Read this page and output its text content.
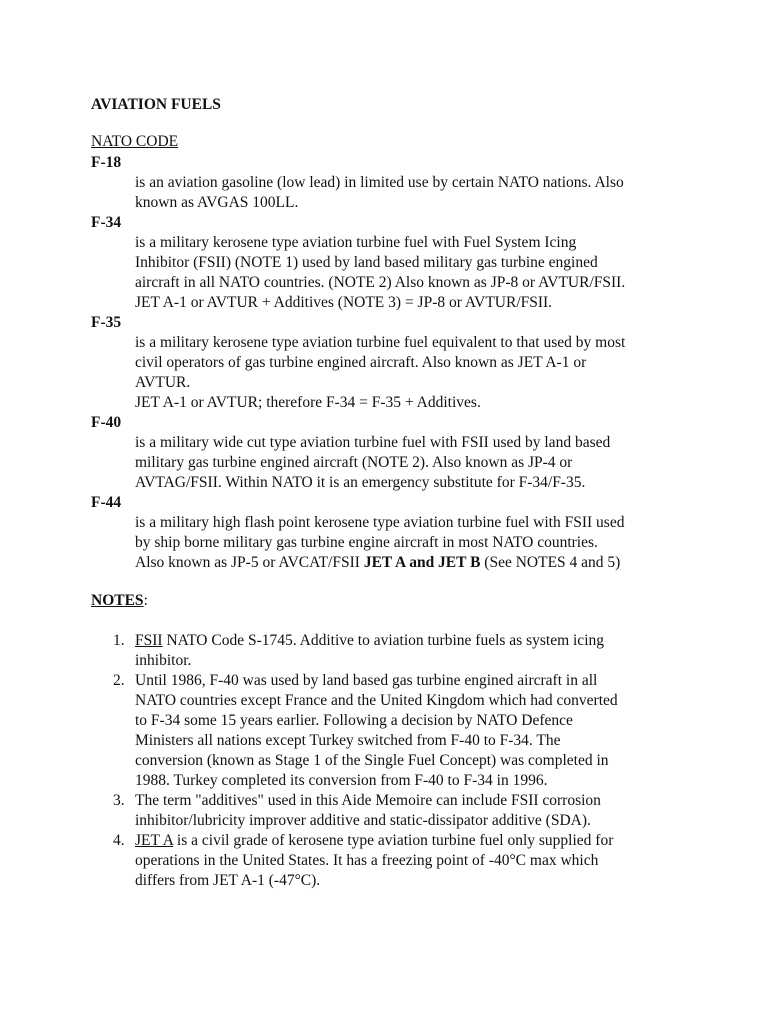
AVIATION FUELS
NATO CODE
F-18
is an aviation gasoline (low lead) in limited use by certain NATO nations. Also
known as AVGAS 100LL.
F-34
is a military kerosene type aviation turbine fuel with Fuel System Icing
Inhibitor (FSII) (NOTE 1) used by land based military gas turbine engined
aircraft in all NATO countries. (NOTE 2) Also known as JP-8 or AVTUR/FSII.
JET A-1 or AVTUR + Additives (NOTE 3) = JP-8 or AVTUR/FSII.
F-35
is a military kerosene type aviation turbine fuel equivalent to that used by most
civil operators of gas turbine engined aircraft. Also known as JET A-1 or
AVTUR.
JET A-1 or AVTUR; therefore F-34 = F-35 + Additives.
F-40
is a military wide cut type aviation turbine fuel with FSII used by land based
military gas turbine engined aircraft (NOTE 2). Also known as JP-4 or
AVTAG/FSII. Within NATO it is an emergency substitute for F-34/F-35.
F-44
is a military high flash point kerosene type aviation turbine fuel with FSII used
by ship borne military gas turbine engine aircraft in most NATO countries.
Also known as JP-5 or AVCAT/FSII JET A and JET B (See NOTES 4 and 5)
NOTES:
1. FSII NATO Code S-1745. Additive to aviation turbine fuels as system icing
inhibitor.
2. Until 1986, F-40 was used by land based gas turbine engined aircraft in all
NATO countries except France and the United Kingdom which had converted
to F-34 some 15 years earlier. Following a decision by NATO Defence
Ministers all nations except Turkey switched from F-40 to F-34. The
conversion (known as Stage 1 of the Single Fuel Concept) was completed in
1988. Turkey completed its conversion from F-40 to F-34 in 1996.
3. The term "additives" used in this Aide Memoire can include FSII corrosion
inhibitor/lubricity improver additive and static-dissipator additive (SDA).
4. JET A is a civil grade of kerosene type aviation turbine fuel only supplied for
operations in the United States. It has a freezing point of -40°C max which
differs from JET A-1 (-47°C).
